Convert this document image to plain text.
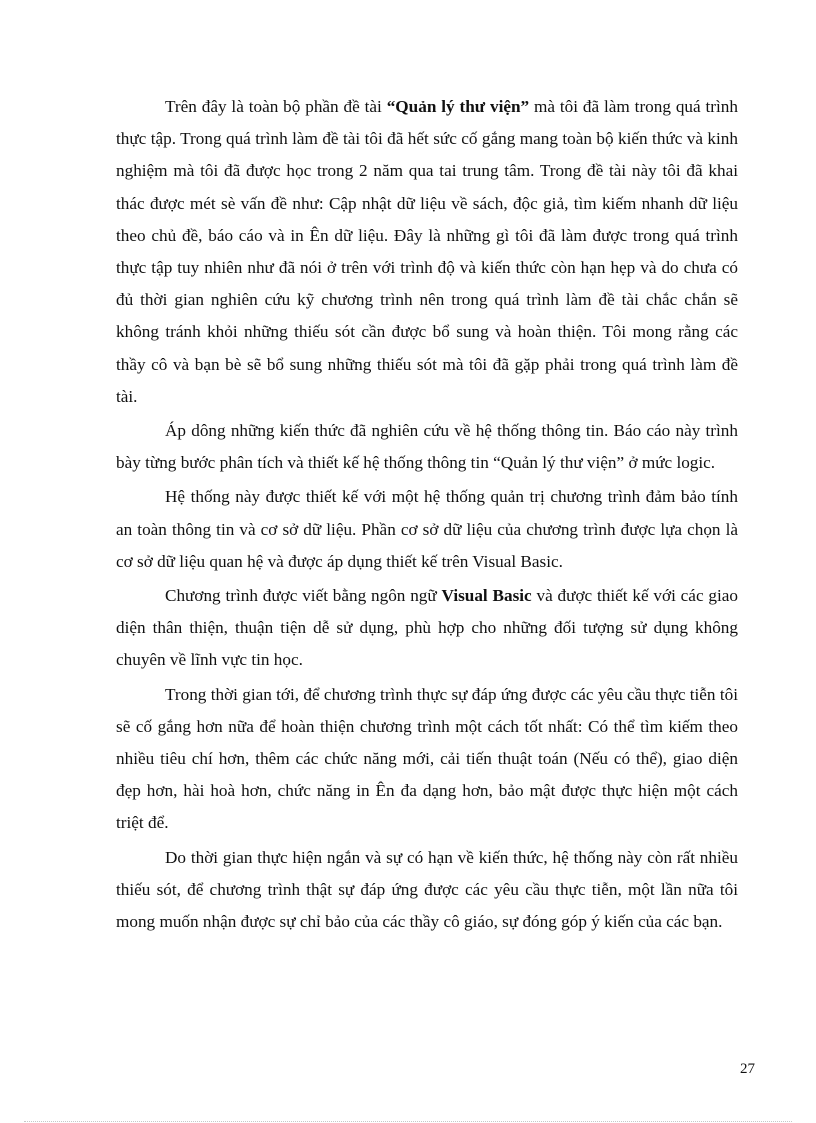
Trên đây là toàn bộ phần đề tài “Quản lý thư viện” mà tôi đã làm trong quá trình thực tập. Trong quá trình làm đề tài tôi đã hết sức cố gắng mang toàn bộ kiến thức và kinh nghiệm mà tôi đã được học trong 2 năm qua tai trung tâm. Trong đề tài này tôi đã khai thác được mét sè vấn đề như: Cập nhật dữ liệu về sách, độc giả, tìm kiếm nhanh dữ liệu theo chủ đề, báo cáo và in Ên dữ liệu. Đây là những gì tôi đã làm được trong quá trình thực tập tuy nhiên như đã nói ở trên với trình độ và kiến thức còn hạn hẹp và do chưa có đủ thời gian nghiên cứu kỹ chương trình nên trong quá trình làm đề tài chắc chắn sẽ không tránh khỏi những thiếu sót cần được bổ sung và hoàn thiện. Tôi mong rằng các thầy cô và bạn bè sẽ bổ sung những thiếu sót mà tôi đã gặp phải trong quá trình làm đề tài.

Áp dông những kiến thức đã nghiên cứu về hệ thống thông tin. Báo cáo này trình bày từng bước phân tích và thiết kế hệ thống thông tin “Quản lý thư viện” ở mức logic.

Hệ thống này được thiết kế với một hệ thống quản trị chương trình đảm bảo tính an toàn thông tin và cơ sở dữ liệu. Phần cơ sở dữ liệu của chương trình được lựa chọn là cơ sở dữ liệu quan hệ và được áp dụng thiết kế trên Visual Basic.

Chương trình được viết bằng ngôn ngữ Visual Basic và được thiết kế với các giao diện thân thiện, thuận tiện dễ sử dụng, phù hợp cho những đối tượng sử dụng không chuyên về lĩnh vực tin học.

Trong thời gian tới, để chương trình thực sự đáp ứng được các yêu cầu thực tiễn tôi sẽ cố gắng hơn nữa để hoàn thiện chương trình một cách tốt nhất: Có thể tìm kiếm theo nhiều tiêu chí hơn, thêm các chức năng mới, cải tiến thuật toán (Nếu có thể), giao diện đẹp hơn, hài hoà hơn, chức năng in Ên đa dạng hơn, bảo mật được thực hiện một cách triệt để.

Do thời gian thực hiện ngắn và sự có hạn về kiến thức, hệ thống này còn rất nhiều thiếu sót, để chương trình thật sự đáp ứng được các yêu cầu thực tiễn, một lần nữa tôi mong muốn nhận được sự chỉ bảo của các thầy cô giáo, sự đóng góp ý kiến của các bạn.

27
